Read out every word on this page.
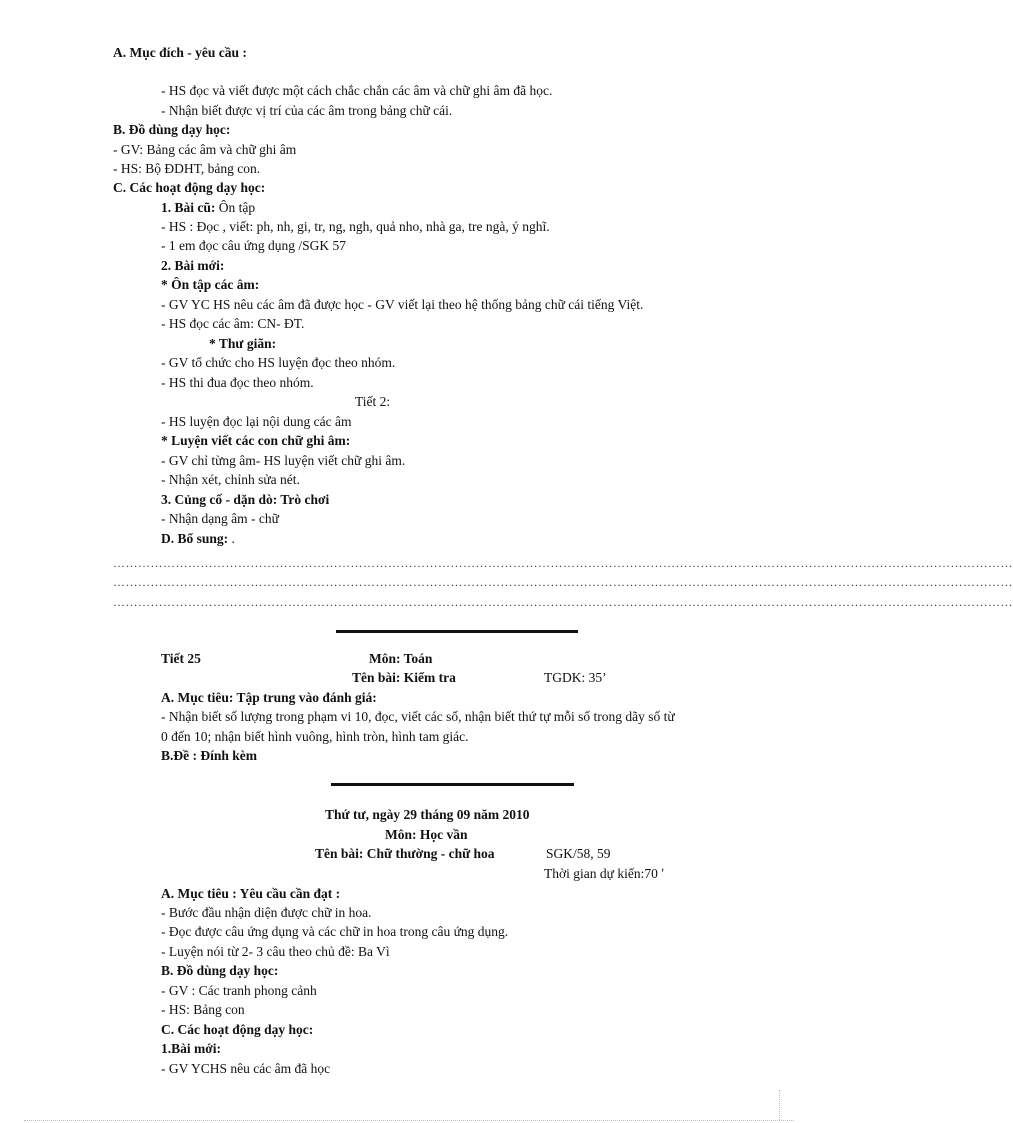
A. Mục đích - yêu cầu :
- HS đọc và viết được một cách chắc chắn các âm và chữ ghi âm đã học.
- Nhận biết được vị trí của các âm trong bảng chữ cái.
B. Đồ dùng dạy học:
- GV: Bảng các âm và chữ ghi âm
- HS: Bộ ĐDHT, bảng con.
C. Các hoạt động dạy học:
1. Bài cũ: Ôn tập
- HS : Đọc , viết: ph, nh, gi, tr, ng, ngh, quả nho, nhà ga, tre ngà, ý nghĩ.
- 1 em đọc câu ứng dụng /SGK 57
2. Bài mới:
* Ôn tập các âm:
- GV YC HS nêu các âm đã được học - GV viết lại theo hệ thống bảng chữ cái tiếng Việt.
- HS đọc các âm: CN- ĐT.
* Thư giãn:
- GV tổ chức cho HS luyện đọc theo nhóm.
- HS thi đua đọc theo nhóm.
Tiết 2:
- HS luyện đọc lại nội dung các âm
* Luyện viết các con chữ ghi âm:
- GV chỉ từng âm- HS luyện viết chữ ghi âm.
- Nhận xét, chỉnh sửa nét.
3. Củng cố - dặn dò: Trò chơi
- Nhận dạng âm - chữ
D. Bổ sung: .
………………………………………………………………………………………………………………………………………………………………………………………………
………………………………………………………………………………………………………………………………………………………………………………………………
………………………………………………………………………………………………………………………………………………………………………………………………
Tiết 25	Môn: Toán
Tên bài: Kiểm tra	TGDK: 35’
A. Mục tiêu: Tập trung vào đánh giá:
- Nhận biết số lượng trong phạm vi 10, đọc, viết các số, nhận biết thứ tự mỗi số trong dãy số từ
0 đến 10; nhận biết hình vuông, hình tròn, hình tam giác.
B.Đề : Đính kèm
Thứ tư, ngày 29 tháng 09 năm 2010
Môn: Học vần
Tên bài: Chữ thường - chữ hoa	SGK/58, 59
Thời gian dự kiến:70 ʹ
A. Mục tiêu : Yêu cầu cần đạt :
- Bước đầu nhận diện được chữ in hoa.
- Đọc được câu ứng dụng và các chữ in hoa trong câu ứng dụng.
- Luyện nói từ 2- 3 câu theo chủ đề: Ba Vì
B. Đồ dùng dạy học:
- GV : Các tranh phong cảnh
- HS: Bảng con
C. Các hoạt động dạy học:
1.Bài mới:
- GV YCHS nêu các âm đã học
